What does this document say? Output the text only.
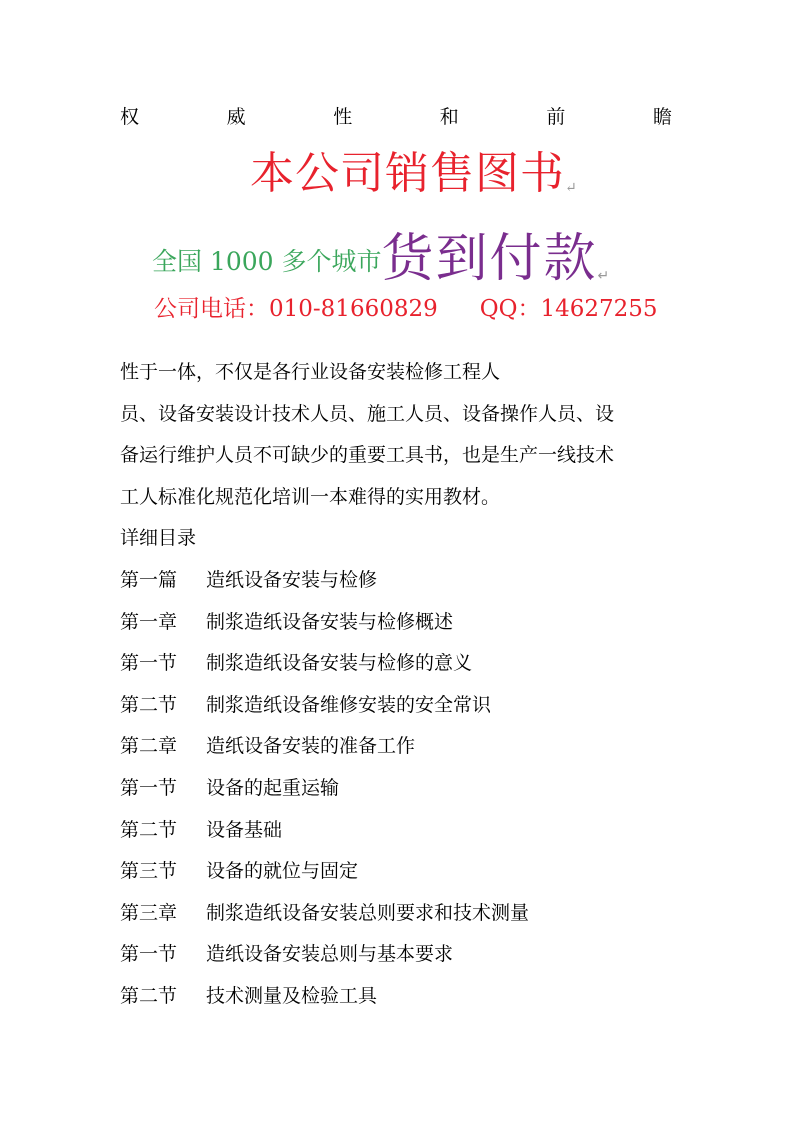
权	威	性	和	前	瞻
本公司销售图书↵
全国 1000 多个城市货到付款↵
公司电话：010-81660829 QQ：14627255

性于一体，不仅是各行业设备安装检修工程人

员、设备安装设计技术人员、施工人员、设备操作人员、设

备运行维护人员不可缺少的重要工具书，也是生产一线技术

工人标准化规范化培训一本难得的实用教材。

详细目录

第一篇 造纸设备安装与检修
第一章 制浆造纸设备安装与检修概述
第一节 制浆造纸设备安装与检修的意义
第二节 制浆造纸设备维修安装的安全常识
第二章 造纸设备安装的准备工作
第一节 设备的起重运输
第二节 设备基础
第三节 设备的就位与固定
第三章 制浆造纸设备安装总则要求和技术测量
第一节 造纸设备安装总则与基本要求
第二节 技术测量及检验工具
